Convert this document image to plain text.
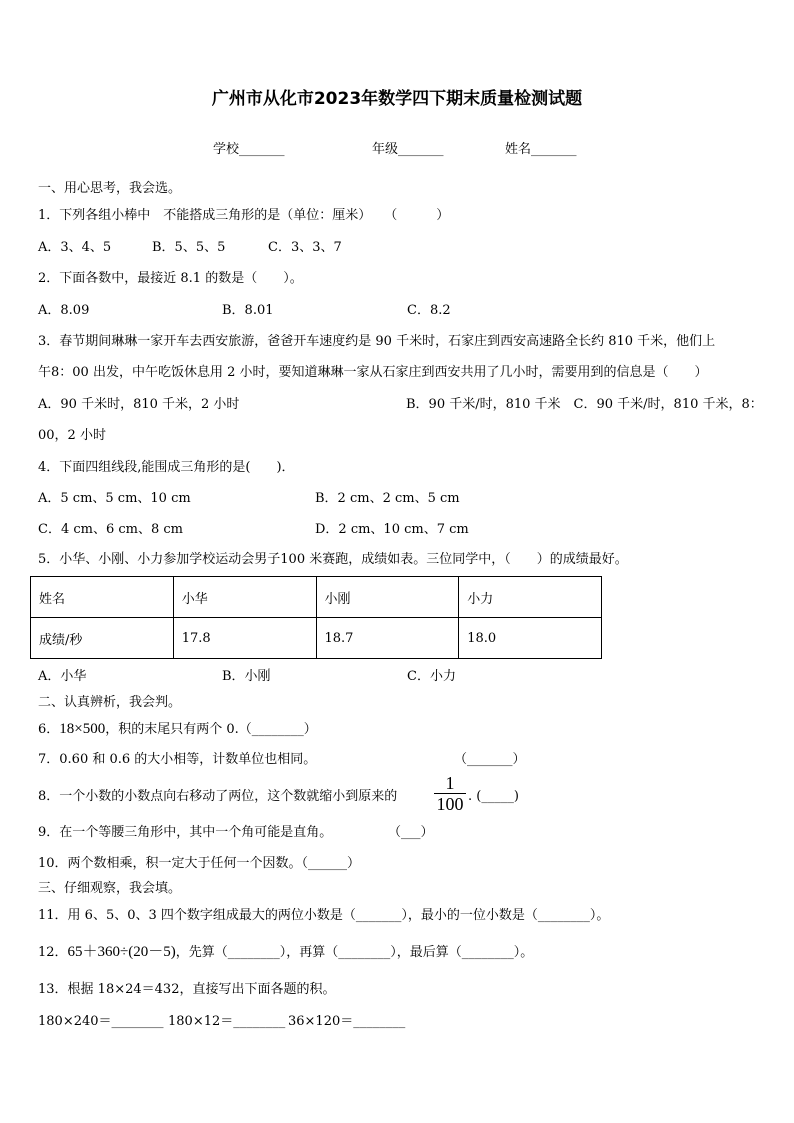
广州市从化市2023年数学四下期末质量检测试题
学校_______	年级_______	姓名_______
一、用心思考，我会选。
1．下列各组小棒中　不能搭成三角形的是（单位：厘米）　　（　　　）
A．3、4、5	B．5、5、5	C．3、3、7
2．下面各数中，最接近 8.1 的数是（　　）。
A．8.09	B．8.01	C．8.2
3．春节期间琳琳一家开车去西安旅游，爸爸开车速度约是 90 千米时，石家庄到西安高速路全长约 810 千米，他们上
午8：00 出发，中午吃饭休息用 2 小时，要知道琳琳一家从石家庄到西安共用了几小时，需要用到的信息是（　　）
A．90 千米时，810 千米，2 小时	B．90 千米/时，810 千米　C．90 千米/时，810 千米，8：
00，2 小时
4．下面四组线段,能围成三角形的是(　　)．
A．5 cm、5 cm、10 cm	B．2 cm、2 cm、5 cm
C．4 cm、6 cm、8 cm	D．2 cm、10 cm、7 cm
5．小华、小刚、小力参加学校运动会男子100 米赛跑，成绩如表。三位同学中，（　　）的成绩最好。
姓名	小华	小刚	小力
成绩/秒	17.8	18.7	18.0
A．小华	B．小刚	C．小力
二、认真辨析，我会判。
6．18×500，积的末尾只有两个 0.（________）
7．0.60 和 0.6 的大小相等，计数单位也相同。	（_______）
8．一个小数的小数点向右移动了两位，这个数就缩小到原来的
1
100 . (_____)
9．在一个等腰三角形中，其中一个角可能是直角。	（___）
10．两个数相乘，积一定大于任何一个因数。（______）
三、仔细观察，我会填。
11．用 6、5、0、3 四个数字组成最大的两位小数是（_______），最小的一位小数是（________）。
12．65＋360÷(20－5)，先算（________），再算（________），最后算（________）。
13．根据 18×24＝432，直接写出下面各题的积。
180×240＝________ 180×12＝________ 36×120＝________
